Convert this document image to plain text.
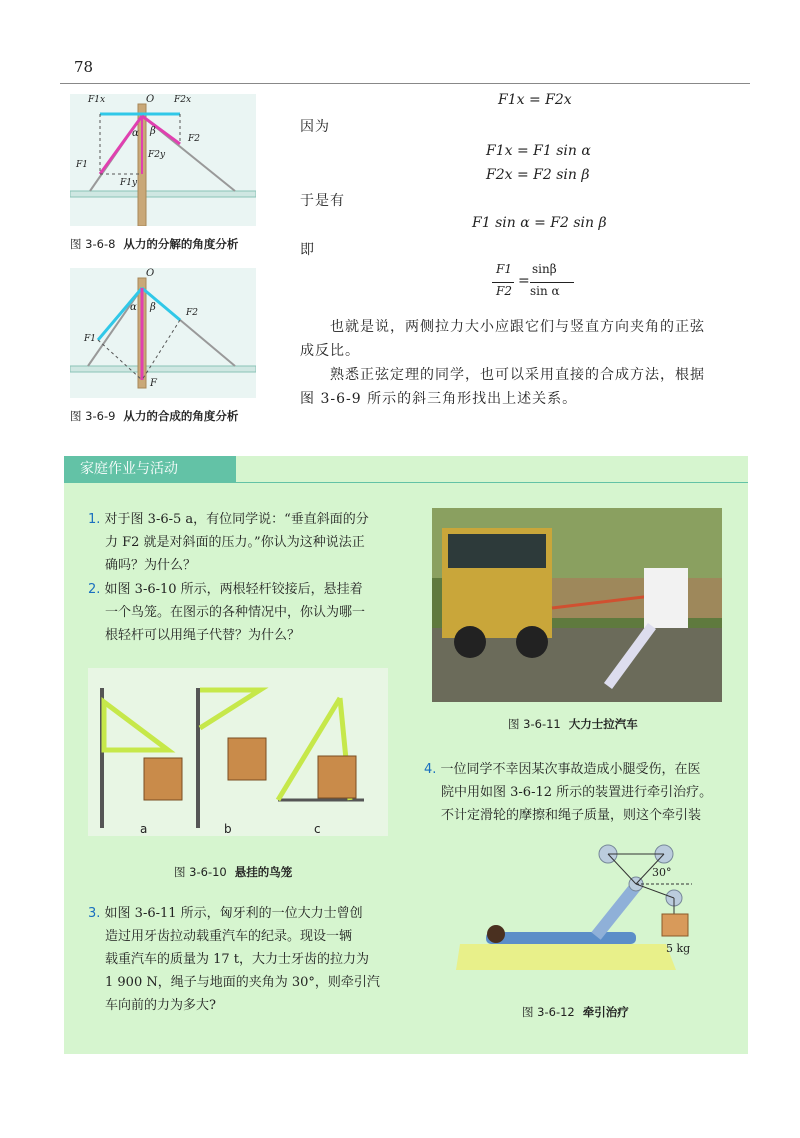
78
F1x	O F2x
α β
F2
F2y
F1
F1y
图 3-6-8 从力的分解的角度分析
O
α β	F2
F1
F
图 3-6-9 从力的合成的角度分析
F1x = F2x
因为
F1x = F1 sin α
F2x = F2 sin β
于是有
F1 sin α = F2 sin β
即
F1
F2
=
sinβ
sin α
也就是说，两侧拉力大小应跟它们与竖直方向夹角的正弦
成反比。
熟悉正弦定理的同学，也可以采用直接的合成方法，根据
图 3-6-9 所示的斜三角形找出上述关系。
家庭作业与活动
1. 对于图 3-6-5 a，有位同学说：“垂直斜面的分
力 F2 就是对斜面的压力。”你认为这种说法正
确吗？为什么？
2. 如图 3-6-10 所示，两根轻杆铰接后，悬挂着
一个鸟笼。在图示的各种情况中，你认为哪一
根轻杆可以用绳子代替？为什么？
a	b	c
图 3-6-10 悬挂的鸟笼
3. 如图 3-6-11 所示，匈牙利的一位大力士曾创
造过用牙齿拉动载重汽车的纪录。现设一辆
载重汽车的质量为 17 t，大力士牙齿的拉力为
1 900 N，绳子与地面的夹角为 30°，则牵引汽
车向前的力为多大?
图 3-6-11 大力士拉汽车
4. 一位同学不幸因某次事故造成小腿受伤，在医
院中用如图 3-6-12 所示的装置进行牵引治疗。
不计定滑轮的摩擦和绳子质量，则这个牵引装
30°
5 kg
图 3-6-12 牵引治疗
